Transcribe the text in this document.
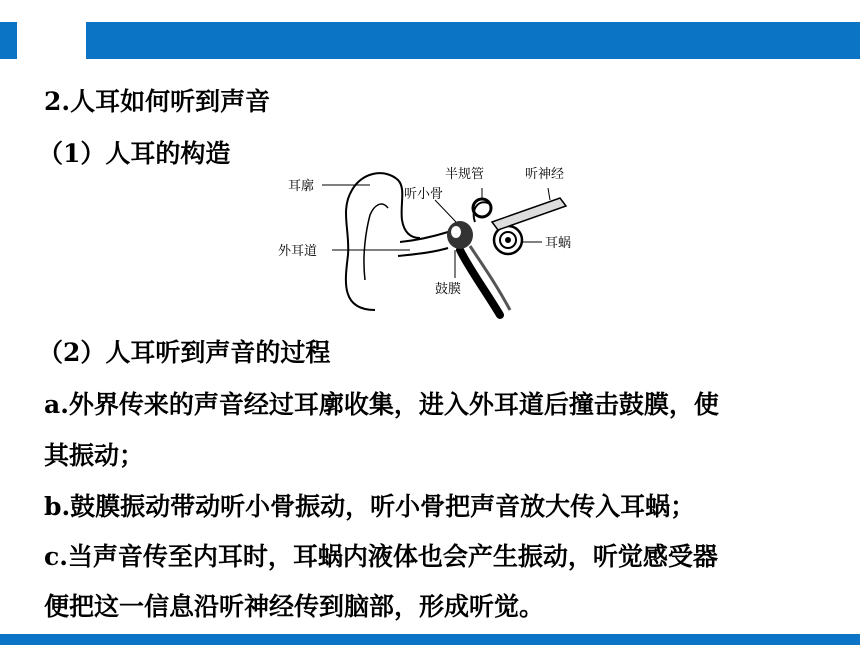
2.人耳如何听到声音
（1）人耳的构造
耳廓
听小骨
半规管	听神经
外耳道
耳蜗
鼓膜
（2）人耳听到声音的过程
a.外界传来的声音经过耳廓收集，进入外耳道后撞击鼓膜，使
其振动；
b.鼓膜振动带动听小骨振动，听小骨把声音放大传入耳蜗；
c.当声音传至内耳时，耳蜗内液体也会产生振动，听觉感受器
便把这一信息沿听神经传到脑部，形成听觉。
